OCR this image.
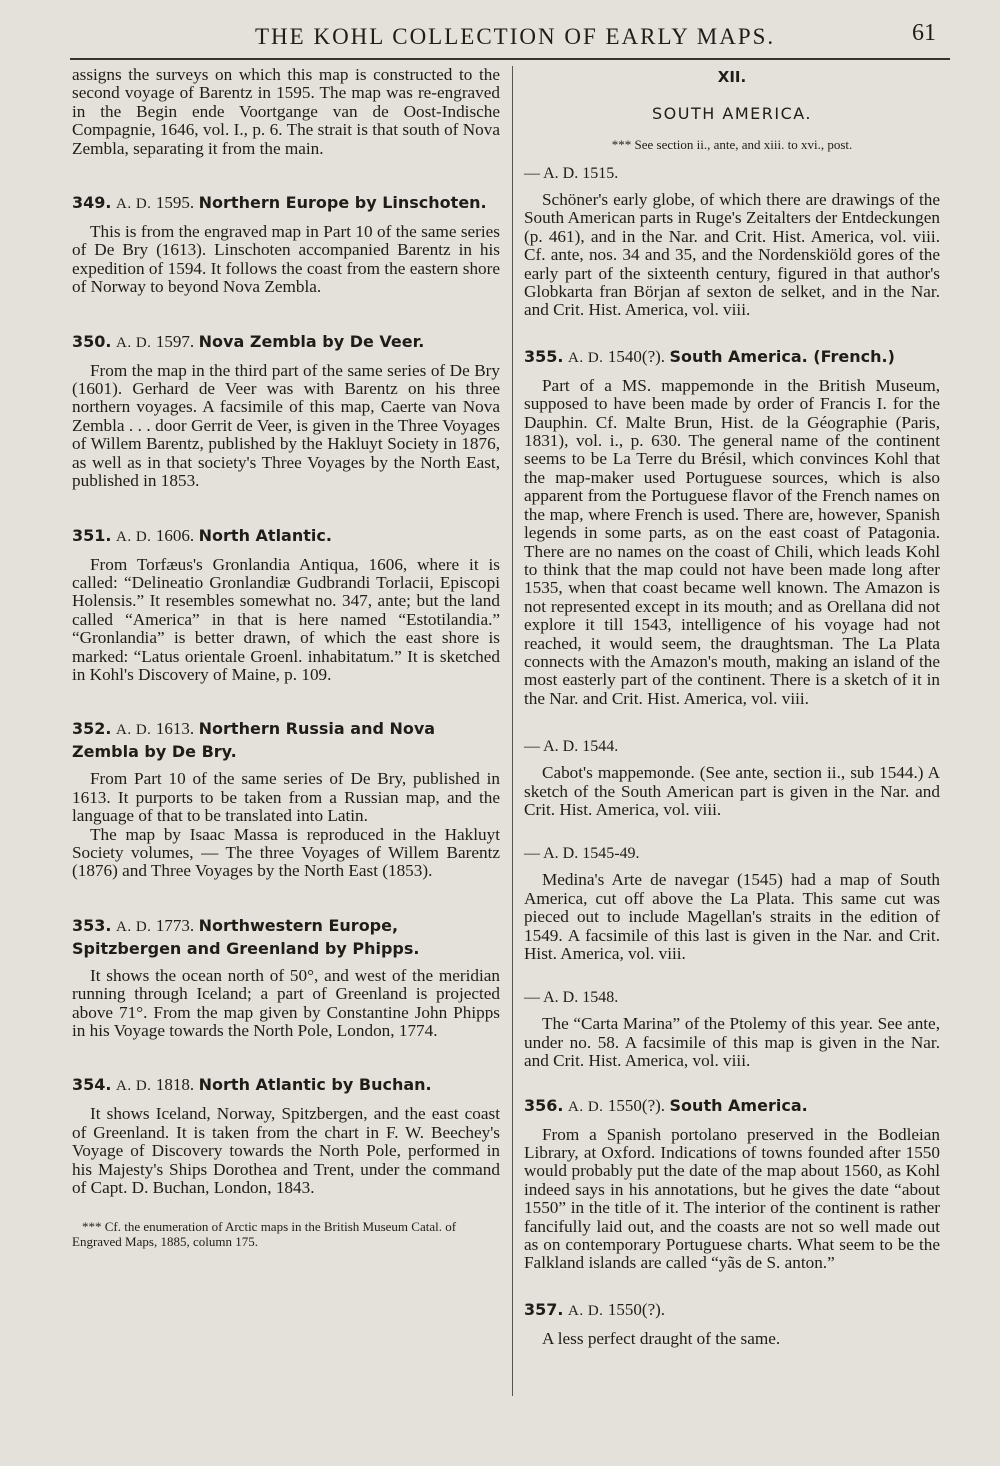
THE KOHL COLLECTION OF EARLY MAPS.	61

assigns the surveys on which this map is constructed to the second voyage of Barentz in 1595. The map was re-engraved in the Begin ende Voortgange van de Oost-Indische Compagnie, 1646, vol. I., p. 6. The strait is that south of Nova Zembla, separating it from the main.

349. A. D. 1595. Northern Europe by Linschoten.

This is from the engraved map in Part 10 of the same series of De Bry (1613). Linschoten accompanied Barentz in his expedition of 1594. It follows the coast from the eastern shore of Norway to beyond Nova Zembla.

350. A. D. 1597. Nova Zembla by De Veer.

From the map in the third part of the same series of De Bry (1601). Gerhard de Veer was with Barentz on his three northern voyages. A facsimile of this map, Caerte van Nova Zembla . . . door Gerrit de Veer, is given in the Three Voyages of Willem Barentz, published by the Hakluyt Society in 1876, as well as in that society's Three Voyages by the North East, published in 1853.

351. A. D. 1606. North Atlantic.

From Torfæus's Gronlandia Antiqua, 1606, where it is called: “Delineatio Gronlandiæ Gudbrandi Torlacii, Episcopi Holensis.” It resembles somewhat no. 347, ante; but the land called “America” in that is here named “Estotilandia.” “Gronlandia” is better drawn, of which the east shore is marked: “Latus orientale Groenl. inhabitatum.” It is sketched in Kohl's Discovery of Maine, p. 109.

352. A. D. 1613. Northern Russia and Nova Zembla by De Bry.

From Part 10 of the same series of De Bry, published in 1613. It purports to be taken from a Russian map, and the language of that to be translated into Latin.

The map by Isaac Massa is reproduced in the Hakluyt Society volumes, — The three Voyages of Willem Barentz (1876) and Three Voyages by the North East (1853).

353. A. D. 1773. Northwestern Europe, Spitzbergen and Greenland by Phipps.

It shows the ocean north of 50°, and west of the meridian running through Iceland; a part of Greenland is projected above 71°. From the map given by Constantine John Phipps in his Voyage towards the North Pole, London, 1774.

354. A. D. 1818. North Atlantic by Buchan.

It shows Iceland, Norway, Spitzbergen, and the east coast of Greenland. It is taken from the chart in F. W. Beechey's Voyage of Discovery towards the North Pole, performed in his Majesty's Ships Dorothea and Trent, under the command of Capt. D. Buchan, London, 1843.

*** Cf. the enumeration of Arctic maps in the British Museum Catal. of Engraved Maps, 1885, column 175.

XII.
SOUTH AMERICA.
*** See section ii., ante, and xiii. to xvi., post.
— A. D. 1515.

Schöner's early globe, of which there are drawings of the South American parts in Ruge's Zeitalters der Entdeckungen (p. 461), and in the Nar. and Crit. Hist. America, vol. viii. Cf. ante, nos. 34 and 35, and the Nordenskiöld gores of the early part of the sixteenth century, figured in that author's Globkarta fran Början af sexton de selket, and in the Nar. and Crit. Hist. America, vol. viii.

355. A. D. 1540(?). South America. (French.)

Part of a MS. mappemonde in the British Museum, supposed to have been made by order of Francis I. for the Dauphin. Cf. Malte Brun, Hist. de la Géographie (Paris, 1831), vol. i., p. 630. The general name of the continent seems to be La Terre du Brésil, which convinces Kohl that the map-maker used Portuguese sources, which is also apparent from the Portuguese flavor of the French names on the map, where French is used. There are, however, Spanish legends in some parts, as on the east coast of Patagonia. There are no names on the coast of Chili, which leads Kohl to think that the map could not have been made long after 1535, when that coast became well known. The Amazon is not represented except in its mouth; and as Orellana did not explore it till 1543, intelligence of his voyage had not reached, it would seem, the draughtsman. The La Plata connects with the Amazon's mouth, making an island of the most easterly part of the continent. There is a sketch of it in the Nar. and Crit. Hist. America, vol. viii.

— A. D. 1544.

Cabot's mappemonde. (See ante, section ii., sub 1544.) A sketch of the South American part is given in the Nar. and Crit. Hist. America, vol. viii.

— A. D. 1545-49.

Medina's Arte de navegar (1545) had a map of South America, cut off above the La Plata. This same cut was pieced out to include Magellan's straits in the edition of 1549. A facsimile of this last is given in the Nar. and Crit. Hist. America, vol. viii.

— A. D. 1548.

The “Carta Marina” of the Ptolemy of this year. See ante, under no. 58. A facsimile of this map is given in the Nar. and Crit. Hist. America, vol. viii.

356. A. D. 1550(?). South America.

From a Spanish portolano preserved in the Bodleian Library, at Oxford. Indications of towns founded after 1550 would probably put the date of the map about 1560, as Kohl indeed says in his annotations, but he gives the date “about 1550” in the title of it. The interior of the continent is rather fancifully laid out, and the coasts are not so well made out as on contemporary Portuguese charts. What seem to be the Falkland islands are called “yãs de S. anton.”

357. A. D. 1550(?).

A less perfect draught of the same.
